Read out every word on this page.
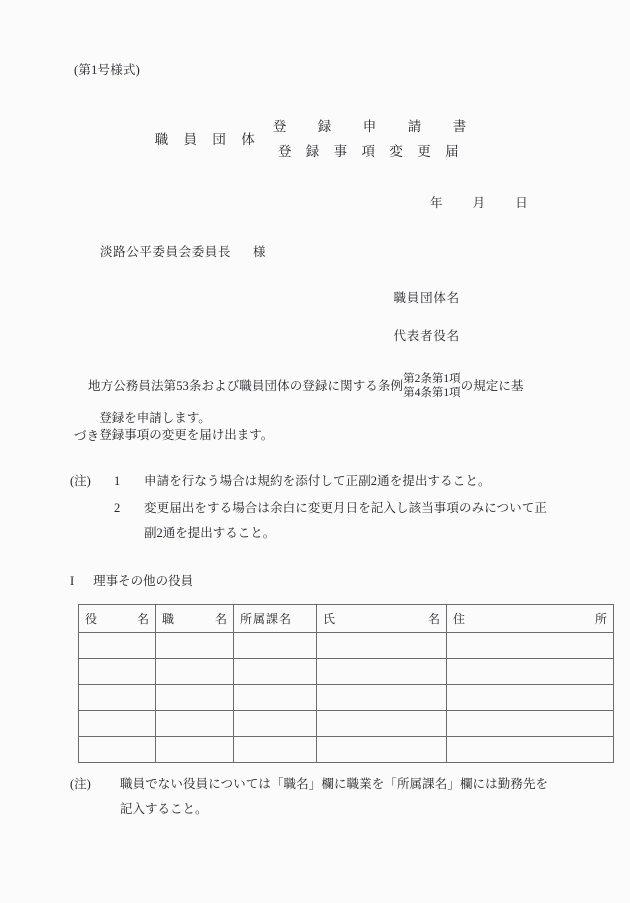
(第1号様式)
職 員 団 体
登　録　申　請　書
登 録 事 項 変 更 届
年 月 日
淡路公平委員会委員長 様
職員団体名
代表者役名
地方公務員法第53条および職員団体の登録に関する条例
第2条第1項
第4条第1項
の規定に基
づき
登録を申請します。
登録事項の変更を届け出ます。
(注)	1	申請を行なう場合は規約を添付して正副2通を提出すること。
2	変更届出をする場合は余白に変更月日を記入し該当事項のみについて正
副2通を提出すること。
I 理事その他の役員
役 名	職 名	所属課名	氏 名	住 所

(注)	職員でない役員については「職名」欄に職業を「所属課名」欄には勤務先を
記入すること。
